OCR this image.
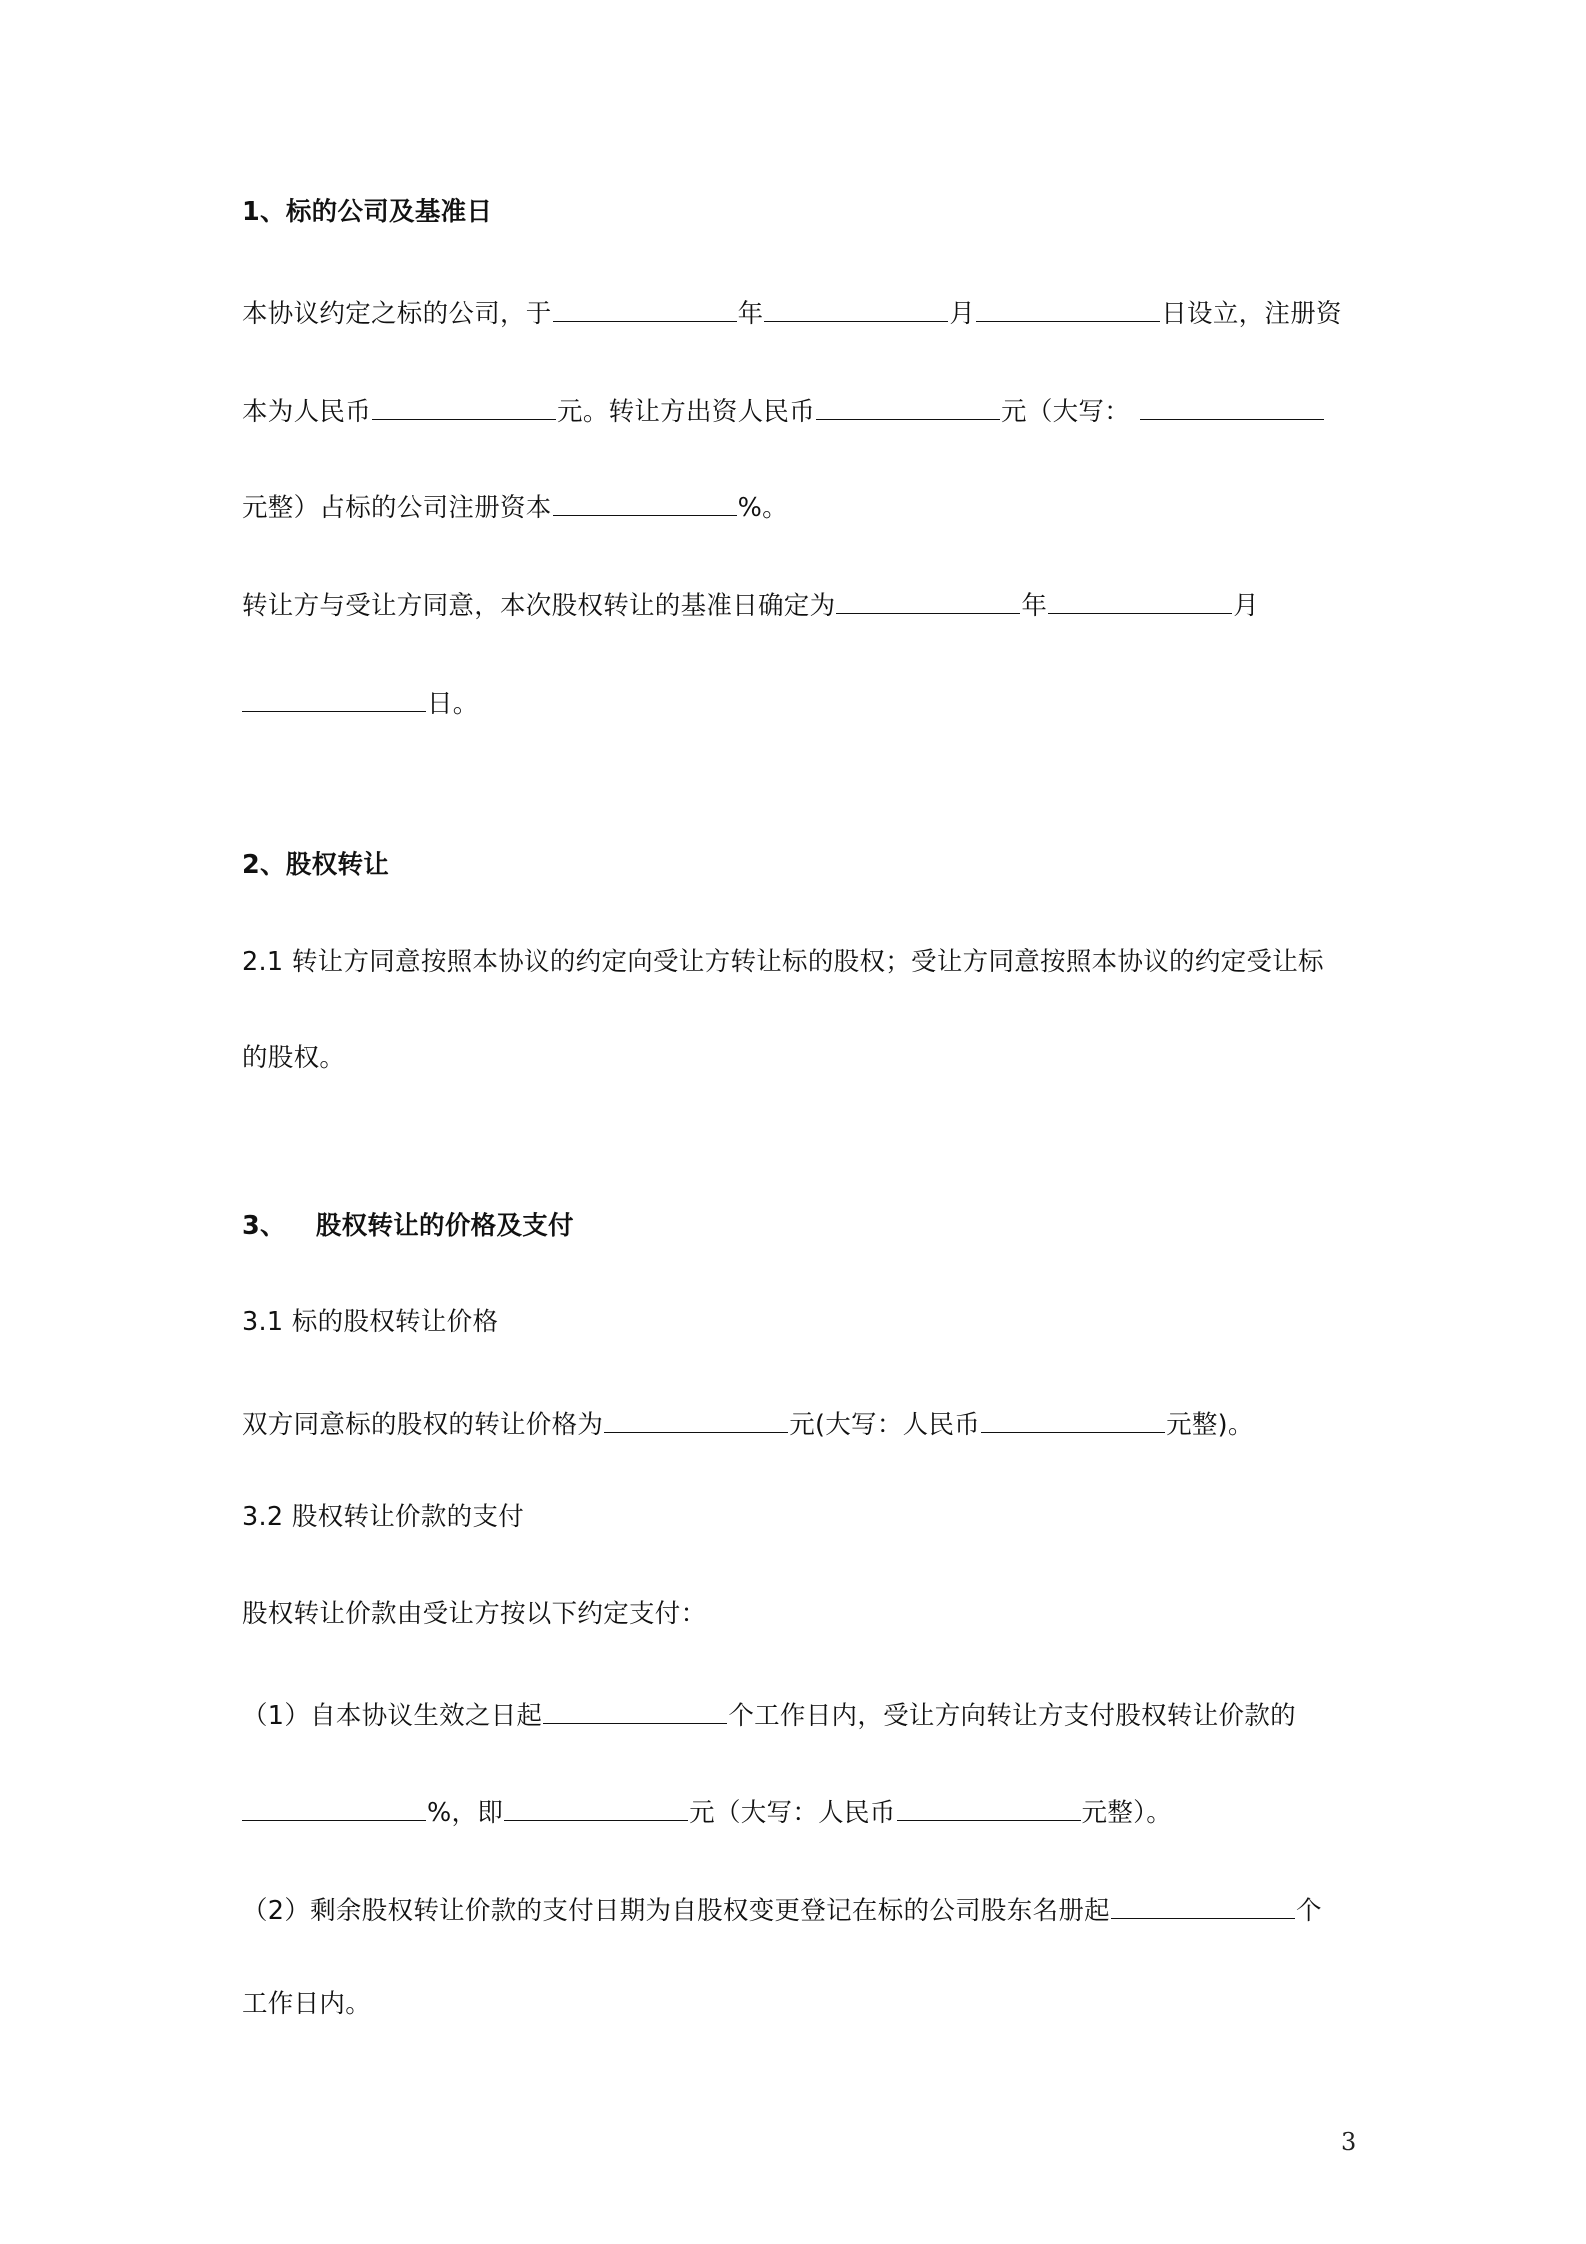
1、标的公司及基准日
本协议约定之标的公司，于	年	月	日设立，注册资
本为人民币	元。转让方出资人民币	元（大写：
元整）占标的公司注册资本	%。
转让方与受让方同意，本次股权转让的基准日确定为	年	月
日。
2、股权转让
2.1 转让方同意按照本协议的约定向受让方转让标的股权；受让方同意按照本协议的约定受让标
的股权。
3、 股权转让的价格及支付
3.1 标的股权转让价格
双方同意标的股权的转让价格为	元(大写：人民币	元整)。
3.2 股权转让价款的支付
股权转让价款由受让方按以下约定支付：
（1）自本协议生效之日起	个工作日内，受让方向转让方支付股权转让价款的
%，即	元（大写：人民币	元整）。
（2）剩余股权转让价款的支付日期为自股权变更登记在标的公司股东名册起	个
工作日内。
3
